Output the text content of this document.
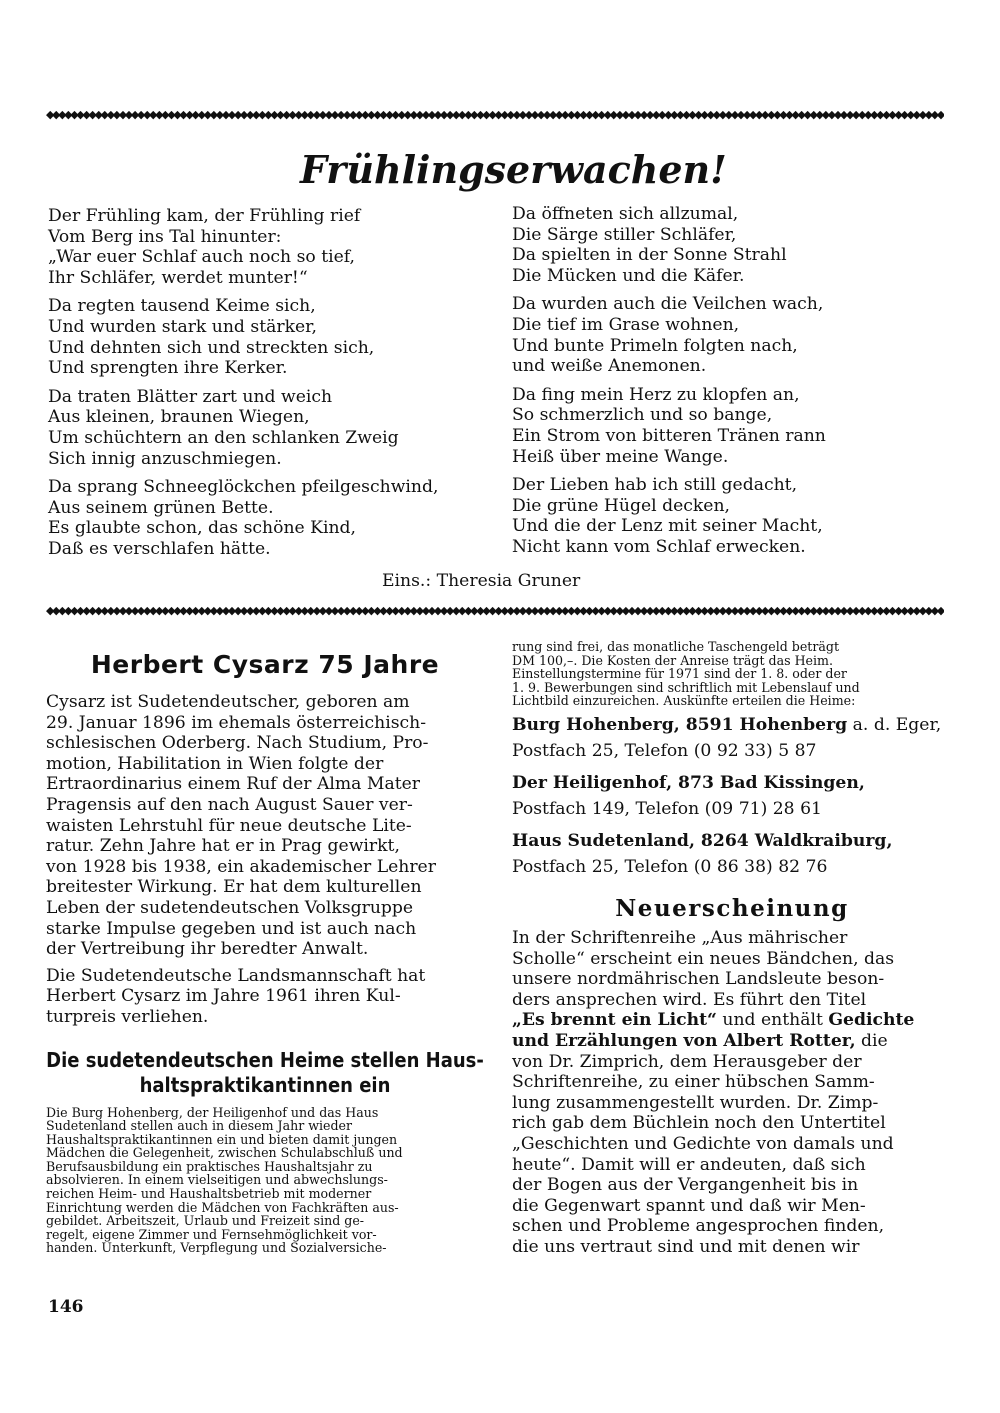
◆◆◆◆◆◆◆◆◆◆◆◆◆◆◆◆◆◆◆◆◆◆◆◆◆◆◆◆◆◆◆◆◆◆◆◆◆◆◆◆◆◆◆◆◆◆◆◆◆◆◆◆◆◆◆◆◆◆◆◆◆◆◆◆◆◆◆◆◆◆◆◆◆◆◆◆◆◆◆◆◆◆◆◆◆◆◆◆◆◆◆◆◆◆◆◆◆◆◆◆◆◆◆◆◆◆◆◆◆◆◆◆◆◆◆◆◆◆◆◆◆◆◆◆◆◆◆◆◆◆◆◆◆◆◆◆◆◆◆◆◆◆◆◆◆◆◆◆
Frühlingserwachen!
Der Frühling kam, der Frühling rief
Vom Berg ins Tal hinunter:
„War euer Schlaf auch noch so tief,
Ihr Schläfer, werdet munter!“
Da regten tausend Keime sich,
Und wurden stark und stärker,
Und dehnten sich und streckten sich,
Und sprengten ihre Kerker.
Da traten Blätter zart und weich
Aus kleinen, braunen Wiegen,
Um schüchtern an den schlanken Zweig
Sich innig anzuschmiegen.
Da sprang Schneeglöckchen pfeilgeschwind,
Aus seinem grünen Bette.
Es glaubte schon, das schöne Kind,
Daß es verschlafen hätte.
Da öffneten sich allzumal,
Die Särge stiller Schläfer,
Da spielten in der Sonne Strahl
Die Mücken und die Käfer.
Da wurden auch die Veilchen wach,
Die tief im Grase wohnen,
Und bunte Primeln folgten nach,
und weiße Anemonen.
Da fing mein Herz zu klopfen an,
So schmerzlich und so bange,
Ein Strom von bitteren Tränen rann
Heiß über meine Wange.
Der Lieben hab ich still gedacht,
Die grüne Hügel decken,
Und die der Lenz mit seiner Macht,
Nicht kann vom Schlaf erwecken.
Eins.: Theresia Gruner
◆◆◆◆◆◆◆◆◆◆◆◆◆◆◆◆◆◆◆◆◆◆◆◆◆◆◆◆◆◆◆◆◆◆◆◆◆◆◆◆◆◆◆◆◆◆◆◆◆◆◆◆◆◆◆◆◆◆◆◆◆◆◆◆◆◆◆◆◆◆◆◆◆◆◆◆◆◆◆◆◆◆◆◆◆◆◆◆◆◆◆◆◆◆◆◆◆◆◆◆◆◆◆◆◆◆◆◆◆◆◆◆◆◆◆◆◆◆◆◆◆◆◆◆◆◆◆◆◆◆◆◆◆◆◆◆◆◆◆◆◆◆◆◆◆◆◆◆
Herbert Cysarz 75 Jahre
Cysarz ist Sudetendeutscher, geboren am
29. Januar 1896 im ehemals österreichisch-
schlesischen Oderberg. Nach Studium, Pro-
motion, Habilitation in Wien folgte der
Ertraordinarius einem Ruf der Alma Mater
Pragensis auf den nach August Sauer ver-
waisten Lehrstuhl für neue deutsche Lite-
ratur. Zehn Jahre hat er in Prag gewirkt,
von 1928 bis 1938, ein akademischer Lehrer
breitester Wirkung. Er hat dem kulturellen
Leben der sudetendeutschen Volksgruppe
starke Impulse gegeben und ist auch nach
der Vertreibung ihr beredter Anwalt.
Die Sudetendeutsche Landsmannschaft hat
Herbert Cysarz im Jahre 1961 ihren Kul-
turpreis verliehen.
Die sudetendeutschen Heime stellen Haus-
haltspraktikantinnen ein
Die Burg Hohenberg, der Heiligenhof und das Haus
Sudetenland stellen auch in diesem Jahr wieder
Haushaltspraktikantinnen ein und bieten damit jungen
Mädchen die Gelegenheit, zwischen Schulabschluß und
Berufsausbildung ein praktisches Haushaltsjahr zu
absolvieren. In einem vielseitigen und abwechslungs-
reichen Heim- und Haushaltsbetrieb mit moderner
Einrichtung werden die Mädchen von Fachkräften aus-
gebildet. Arbeitszeit, Urlaub und Freizeit sind ge-
regelt, eigene Zimmer und Fernsehmöglichkeit vor-
handen. Unterkunft, Verpflegung und Sozialversiche-
rung sind frei, das monatliche Taschengeld beträgt
DM 100,–. Die Kosten der Anreise trägt das Heim.
Einstellungstermine für 1971 sind der 1. 8. oder der
1. 9. Bewerbungen sind schriftlich mit Lebenslauf und
Lichtbild einzureichen. Auskünfte erteilen die Heime:
Burg Hohenberg, 8591 Hohenberg a. d. Eger,
Postfach 25, Telefon (0 92 33) 5 87
Der Heiligenhof, 873 Bad Kissingen,
Postfach 149, Telefon (09 71) 28 61
Haus Sudetenland, 8264 Waldkraiburg,
Postfach 25, Telefon (0 86 38) 82 76
Neuerscheinung
In der Schriftenreihe „Aus mährischer
Scholle“ erscheint ein neues Bändchen, das
unsere nordmährischen Landsleute beson-
ders ansprechen wird. Es führt den Titel
„Es brennt ein Licht“ und enthält Gedichte
und Erzählungen von Albert Rotter, die
von Dr. Zimprich, dem Herausgeber der
Schriftenreihe, zu einer hübschen Samm-
lung zusammengestellt wurden. Dr. Zimp-
rich gab dem Büchlein noch den Untertitel
„Geschichten und Gedichte von damals und
heute“. Damit will er andeuten, daß sich
der Bogen aus der Vergangenheit bis in
die Gegenwart spannt und daß wir Men-
schen und Probleme angesprochen finden,
die uns vertraut sind und mit denen wir
146
